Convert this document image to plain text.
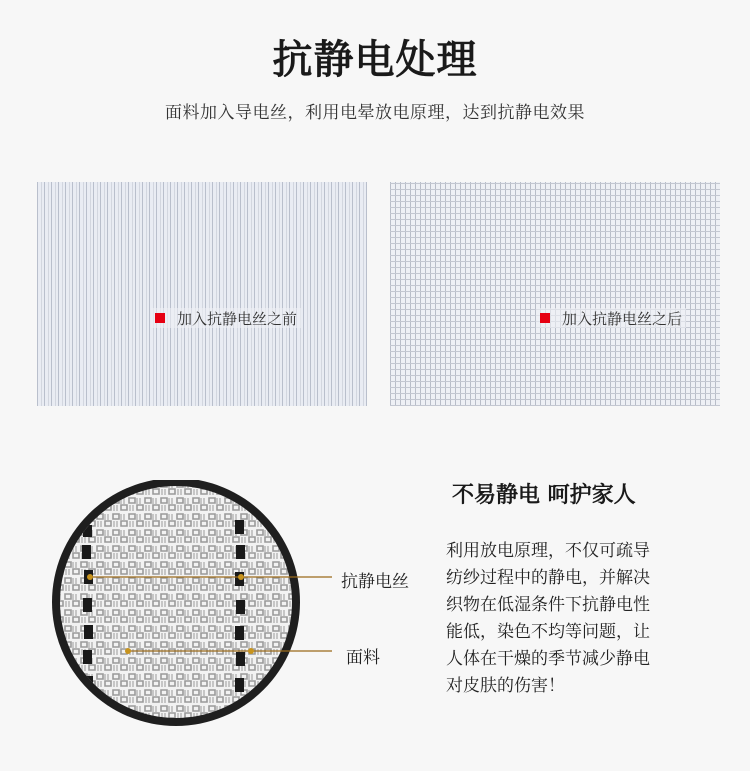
抗静电处理
面料加入导电丝，利用电晕放电原理，达到抗静电效果
加入抗静电丝之前	加入抗静电丝之后
抗静电丝
面料
不易静电 呵护家人
利用放电原理，不仅可疏导
纺纱过程中的静电，并解决
织物在低湿条件下抗静电性
能低，染色不均等问题，让
人体在干燥的季节减少静电
对皮肤的伤害！
